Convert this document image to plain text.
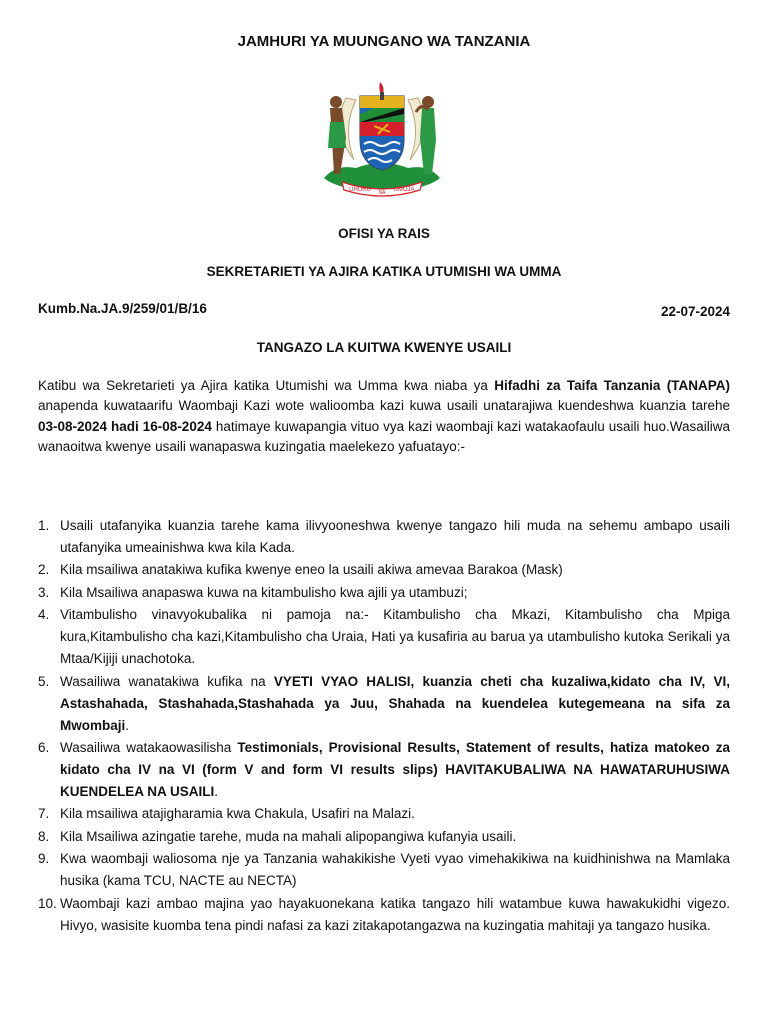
JAMHURI YA MUUNGANO WA TANZANIA
UHURU NA UMOJA
OFISI YA RAIS
SEKRETARIETI YA AJIRA KATIKA UTUMISHI WA UMMA
Kumb.Na.JA.9/259/01/B/16	22-07-2024
TANGAZO LA KUITWA KWENYE USAILI

Katibu wa Sekretarieti ya Ajira katika Utumishi wa Umma kwa niaba ya Hifadhi za Taifa Tanzania (TANAPA) anapenda kuwataarifu Waombaji Kazi wote walioomba kazi kuwa usaili unatarajiwa kuendeshwa kuanzia tarehe 03-08-2024 hadi 16-08-2024 hatimaye kuwapangia vituo vya kazi waombaji kazi watakaofaulu usaili huo.Wasailiwa wanaoitwa kwenye usaili wanapaswa kuzingatia maelekezo yafuatayo:-

1. Usaili utafanyika kuanzia tarehe kama ilivyooneshwa kwenye tangazo hili muda na sehemu ambapo usaili utafanyika umeainishwa kwa kila Kada.
2. Kila msailiwa anatakiwa kufika kwenye eneo la usaili akiwa amevaa Barakoa (Mask)
3. Kila Msailiwa anapaswa kuwa na kitambulisho kwa ajili ya utambuzi;
4. Vitambulisho vinavyokubalika ni pamoja na:- Kitambulisho cha Mkazi, Kitambulisho cha Mpiga kura,Kitambulisho cha kazi,Kitambulisho cha Uraia, Hati ya kusafiria au barua ya utambulisho kutoka Serikali ya Mtaa/Kijiji unachotoka.
5. Wasailiwa wanatakiwa kufika na VYETI VYAO HALISI, kuanzia cheti cha kuzaliwa,kidato cha IV, VI, Astashahada, Stashahada,Stashahada ya Juu, Shahada na kuendelea kutegemeana na sifa za Mwombaji.
6. Wasailiwa watakaowasilisha Testimonials, Provisional Results, Statement of results, hatiza matokeo za kidato cha IV na VI (form V and form VI results slips) HAVITAKUBALIWA NA HAWATARUHUSIWA KUENDELEA NA USAILI.
7. Kila msailiwa atajigharamia kwa Chakula, Usafiri na Malazi.
8. Kila Msailiwa azingatie tarehe, muda na mahali alipopangiwa kufanyia usaili.
9. Kwa waombaji waliosoma nje ya Tanzania wahakikishe Vyeti vyao vimehakikiwa na kuidhinishwa na Mamlaka husika (kama TCU, NACTE au NECTA)
10. Waombaji kazi ambao majina yao hayakuonekana katika tangazo hili watambue kuwa hawakukidhi vigezo. Hivyo, wasisite kuomba tena pindi nafasi za kazi zitakapotangazwa na kuzingatia mahitaji ya tangazo husika.
